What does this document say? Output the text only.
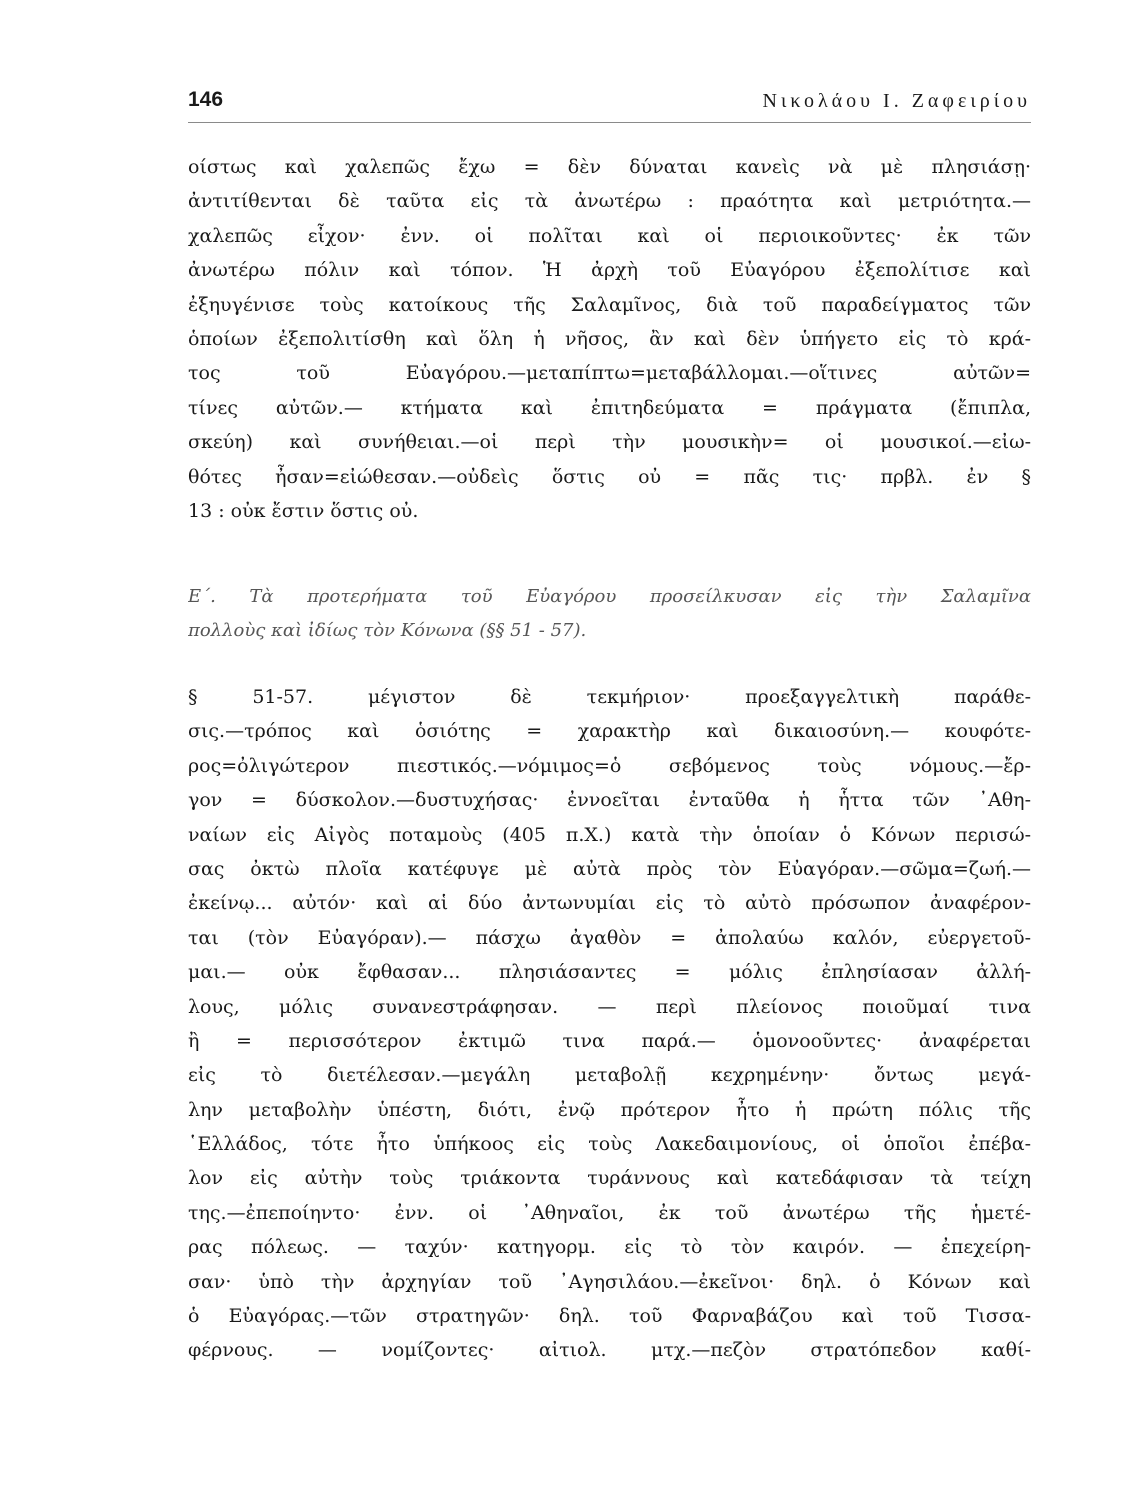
146	Νικολάου Ι. Ζαφειρίου
οίστως καὶ χαλεπῶς ἔχω = δὲν δύναται κανεὶς νὰ μὲ πλησιάσῃ·
ἀντιτίθενται δὲ ταῦτα εἰς τὰ ἀνωτέρω : πραότητα καὶ μετριότητα.—
χαλεπῶς εἶχον· ἐνν. οἱ πολῖται καὶ οἱ περιοικοῦντες· ἐκ τῶν
ἀνωτέρω πόλιν καὶ τόπον. Ἡ ἀρχὴ τοῦ Εὐαγόρου ἐξεπολίτισε καὶ
ἐξηυγένισε τοὺς κατοίκους τῆς Σαλαμῖνος, διὰ τοῦ παραδείγματος τῶν
ὁποίων ἐξεπολιτίσθη καὶ ὅλη ἡ νῆσος, ἂν καὶ δὲν ὑπήγετο εἰς τὸ κρά-
τος τοῦ Εὐαγόρου.—μεταπίπτω=μεταβάλλομαι.—οἵτινες αὐτῶν=
τίνες αὐτῶν.— κτήματα καὶ ἐπιτηδεύματα = πράγματα (ἔπιπλα,
σκεύη) καὶ συνήθειαι.—οἱ περὶ τὴν μουσικὴν= οἱ μουσικοί.—εἰω-
θότες ἦσαν=εἰώθεσαν.—οὐδεὶς ὅστις οὐ = πᾶς τις· πρβλ. ἐν §
13 : οὐκ ἔστιν ὅστις οὐ.
Ε΄. Τὰ προτερήματα τοῦ Εὐαγόρου προσείλκυσαν εἰς τὴν Σαλαμῖνα
πολλοὺς καὶ ἰδίως τὸν Κόνωνα (§§ 51 - 57).
§ 51-57. μέγιστον δὲ τεκμήριον· προεξαγγελτικὴ παράθε-
σις.—τρόπος καὶ ὁσιότης = χαρακτὴρ καὶ δικαιοσύνη.— κουφότε-
ρος=ὀλιγώτερον πιεστικός.—νόμιμος=ὁ σεβόμενος τοὺς νόμους.—ἔρ-
γον = δύσκολον.—δυστυχήσας· ἐννοεῖται ἐνταῦθα ἡ ἧττα τῶν ᾿Αθη-
ναίων εἰς Αἰγὸς ποταμοὺς (405 π.Χ.) κατὰ τὴν ὁποίαν ὁ Κόνων περισώ-
σας ὀκτὼ πλοῖα κατέφυγε μὲ αὐτὰ πρὸς τὸν Εὐαγόραν.—σῶμα=ζωή.—
ἐκείνῳ... αὐτόν· καὶ αἱ δύο ἀντωνυμίαι εἰς τὸ αὐτὸ πρόσωπον ἀναφέρον-
ται (τὸν Εὐαγόραν).— πάσχω ἀγαθὸν = ἀπολαύω καλόν, εὐεργετοῦ-
μαι.— οὐκ ἔφθασαν... πλησιάσαντες = μόλις ἐπλησίασαν ἀλλή-
λους, μόλις συνανεστράφησαν. — περὶ πλείονος ποιοῦμαί τινα
ἢ = περισσότερον ἐκτιμῶ τινα παρά.— ὁμονοοῦντες· ἀναφέρεται
εἰς τὸ διετέλεσαν.—μεγάλη μεταβολῇ κεχρημένην· ὄντως μεγά-
λην μεταβολὴν ὑπέστη, διότι, ἐνῷ πρότερον ἦτο ἡ πρώτη πόλις τῆς
῾Ελλάδος, τότε ἦτο ὑπήκοος εἰς τοὺς Λακεδαιμονίους, οἱ ὁποῖοι ἐπέβα-
λον εἰς αὐτὴν τοὺς τριάκοντα τυράννους καὶ κατεδάφισαν τὰ τείχη
της.—ἐπεποίηντο· ἐνν. οἱ ᾿Αθηναῖοι, ἐκ τοῦ ἀνωτέρω τῆς ἡμετέ-
ρας πόλεως. — ταχύν· κατηγορμ. εἰς τὸ τὸν καιρόν. — ἐπεχείρη-
σαν· ὑπὸ τὴν ἀρχηγίαν τοῦ ᾿Αγησιλάου.—ἐκεῖνοι· δηλ. ὁ Κόνων καὶ
ὁ Εὐαγόρας.—τῶν στρατηγῶν· δηλ. τοῦ Φαρναβάζου καὶ τοῦ Τισσα-
φέρνους. — νομίζοντες· αἰτιολ. μτχ.—πεζὸν στρατόπεδον καθί-
